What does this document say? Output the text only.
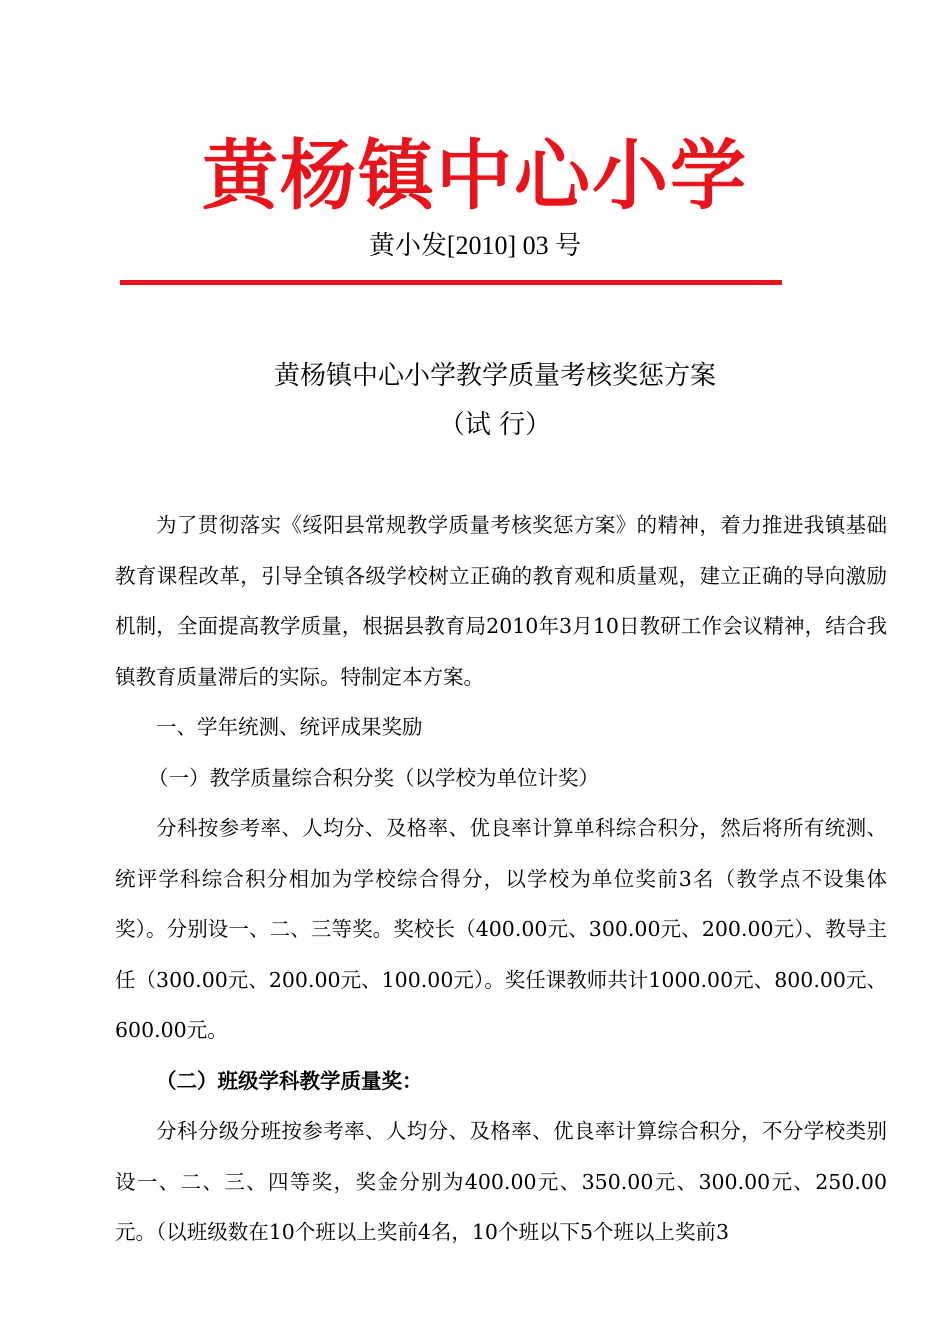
黄杨镇中心小学
黄小发[2010] 03 号
黄杨镇中心小学教学质量考核奖惩方案
（试 行）

为了贯彻落实《绥阳县常规教学质量考核奖惩方案》的精神，着力推进我镇基础教育课程改革，引导全镇各级学校树立正确的教育观和质量观，建立正确的导向激励机制，全面提高教学质量，根据县教育局2010年3月10日教研工作会议精神，结合我镇教育质量滞后的实际。特制定本方案。

一、学年统测、统评成果奖励

（一）教学质量综合积分奖（以学校为单位计奖）

分科按参考率、人均分、及格率、优良率计算单科综合积分，然后将所有统测、统评学科综合积分相加为学校综合得分，以学校为单位奖前3名（教学点不设集体奖）。分别设一、二、三等奖。奖校长（400.00元、300.00元、200.00元）、教导主任（300.00元、200.00元、100.00元）。奖任课教师共计1000.00元、800.00元、600.00元。

（二）班级学科教学质量奖：

分科分级分班按参考率、人均分、及格率、优良率计算综合积分，不分学校类别设一、二、三、四等奖，奖金分别为400.00元、350.00元、300.00元、250.00元。（以班级数在10个班以上奖前4名，10个班以下5个班以上奖前3
